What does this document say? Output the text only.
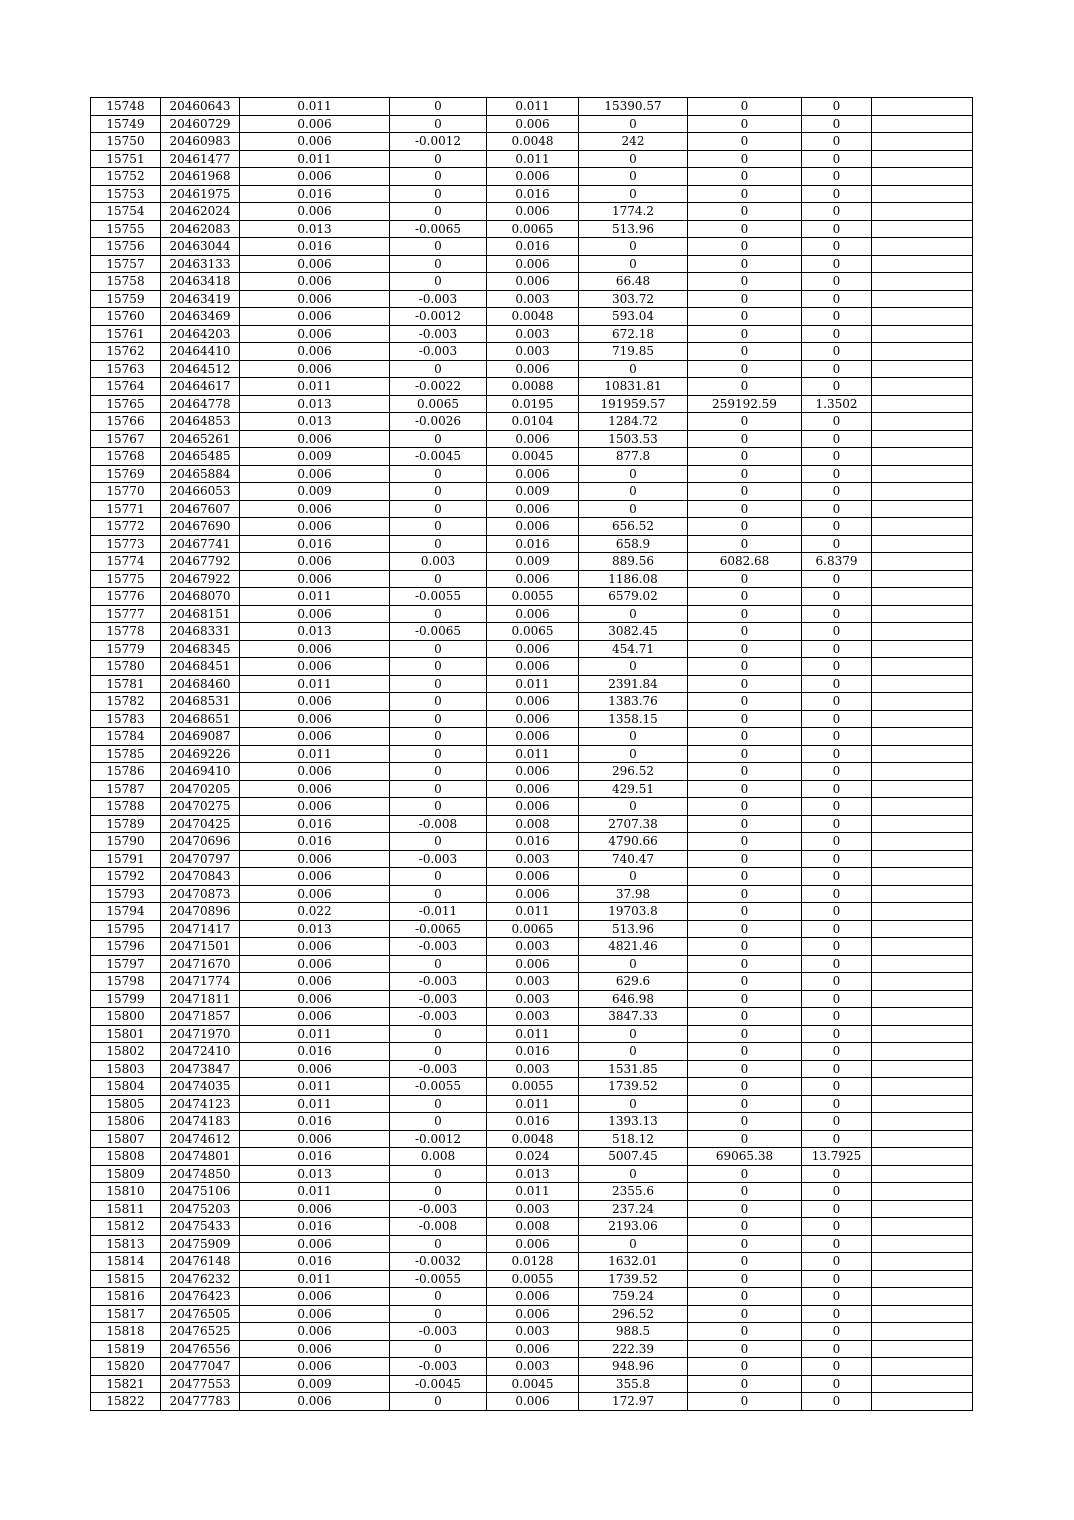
15748	20460643	0.011	0	0.011	15390.57	0	0	
15749	20460729	0.006	0	0.006	0	0	0	
15750	20460983	0.006	-0.0012	0.0048	242	0	0	
15751	20461477	0.011	0	0.011	0	0	0	
15752	20461968	0.006	0	0.006	0	0	0	
15753	20461975	0.016	0	0.016	0	0	0	
15754	20462024	0.006	0	0.006	1774.2	0	0	
15755	20462083	0.013	-0.0065	0.0065	513.96	0	0	
15756	20463044	0.016	0	0.016	0	0	0	
15757	20463133	0.006	0	0.006	0	0	0	
15758	20463418	0.006	0	0.006	66.48	0	0	
15759	20463419	0.006	-0.003	0.003	303.72	0	0	
15760	20463469	0.006	-0.0012	0.0048	593.04	0	0	
15761	20464203	0.006	-0.003	0.003	672.18	0	0	
15762	20464410	0.006	-0.003	0.003	719.85	0	0	
15763	20464512	0.006	0	0.006	0	0	0	
15764	20464617	0.011	-0.0022	0.0088	10831.81	0	0	
15765	20464778	0.013	0.0065	0.0195	191959.57	259192.59	1.3502	
15766	20464853	0.013	-0.0026	0.0104	1284.72	0	0	
15767	20465261	0.006	0	0.006	1503.53	0	0	
15768	20465485	0.009	-0.0045	0.0045	877.8	0	0	
15769	20465884	0.006	0	0.006	0	0	0	
15770	20466053	0.009	0	0.009	0	0	0	
15771	20467607	0.006	0	0.006	0	0	0	
15772	20467690	0.006	0	0.006	656.52	0	0	
15773	20467741	0.016	0	0.016	658.9	0	0	
15774	20467792	0.006	0.003	0.009	889.56	6082.68	6.8379	
15775	20467922	0.006	0	0.006	1186.08	0	0	
15776	20468070	0.011	-0.0055	0.0055	6579.02	0	0	
15777	20468151	0.006	0	0.006	0	0	0	
15778	20468331	0.013	-0.0065	0.0065	3082.45	0	0	
15779	20468345	0.006	0	0.006	454.71	0	0	
15780	20468451	0.006	0	0.006	0	0	0	
15781	20468460	0.011	0	0.011	2391.84	0	0	
15782	20468531	0.006	0	0.006	1383.76	0	0	
15783	20468651	0.006	0	0.006	1358.15	0	0	
15784	20469087	0.006	0	0.006	0	0	0	
15785	20469226	0.011	0	0.011	0	0	0	
15786	20469410	0.006	0	0.006	296.52	0	0	
15787	20470205	0.006	0	0.006	429.51	0	0	
15788	20470275	0.006	0	0.006	0	0	0	
15789	20470425	0.016	-0.008	0.008	2707.38	0	0	
15790	20470696	0.016	0	0.016	4790.66	0	0	
15791	20470797	0.006	-0.003	0.003	740.47	0	0	
15792	20470843	0.006	0	0.006	0	0	0	
15793	20470873	0.006	0	0.006	37.98	0	0	
15794	20470896	0.022	-0.011	0.011	19703.8	0	0	
15795	20471417	0.013	-0.0065	0.0065	513.96	0	0	
15796	20471501	0.006	-0.003	0.003	4821.46	0	0	
15797	20471670	0.006	0	0.006	0	0	0	
15798	20471774	0.006	-0.003	0.003	629.6	0	0	
15799	20471811	0.006	-0.003	0.003	646.98	0	0	
15800	20471857	0.006	-0.003	0.003	3847.33	0	0	
15801	20471970	0.011	0	0.011	0	0	0	
15802	20472410	0.016	0	0.016	0	0	0	
15803	20473847	0.006	-0.003	0.003	1531.85	0	0	
15804	20474035	0.011	-0.0055	0.0055	1739.52	0	0	
15805	20474123	0.011	0	0.011	0	0	0	
15806	20474183	0.016	0	0.016	1393.13	0	0	
15807	20474612	0.006	-0.0012	0.0048	518.12	0	0	
15808	20474801	0.016	0.008	0.024	5007.45	69065.38	13.7925	
15809	20474850	0.013	0	0.013	0	0	0	
15810	20475106	0.011	0	0.011	2355.6	0	0	
15811	20475203	0.006	-0.003	0.003	237.24	0	0	
15812	20475433	0.016	-0.008	0.008	2193.06	0	0	
15813	20475909	0.006	0	0.006	0	0	0	
15814	20476148	0.016	-0.0032	0.0128	1632.01	0	0	
15815	20476232	0.011	-0.0055	0.0055	1739.52	0	0	
15816	20476423	0.006	0	0.006	759.24	0	0	
15817	20476505	0.006	0	0.006	296.52	0	0	
15818	20476525	0.006	-0.003	0.003	988.5	0	0	
15819	20476556	0.006	0	0.006	222.39	0	0	
15820	20477047	0.006	-0.003	0.003	948.96	0	0	
15821	20477553	0.009	-0.0045	0.0045	355.8	0	0	
15822	20477783	0.006	0	0.006	172.97	0	0	
